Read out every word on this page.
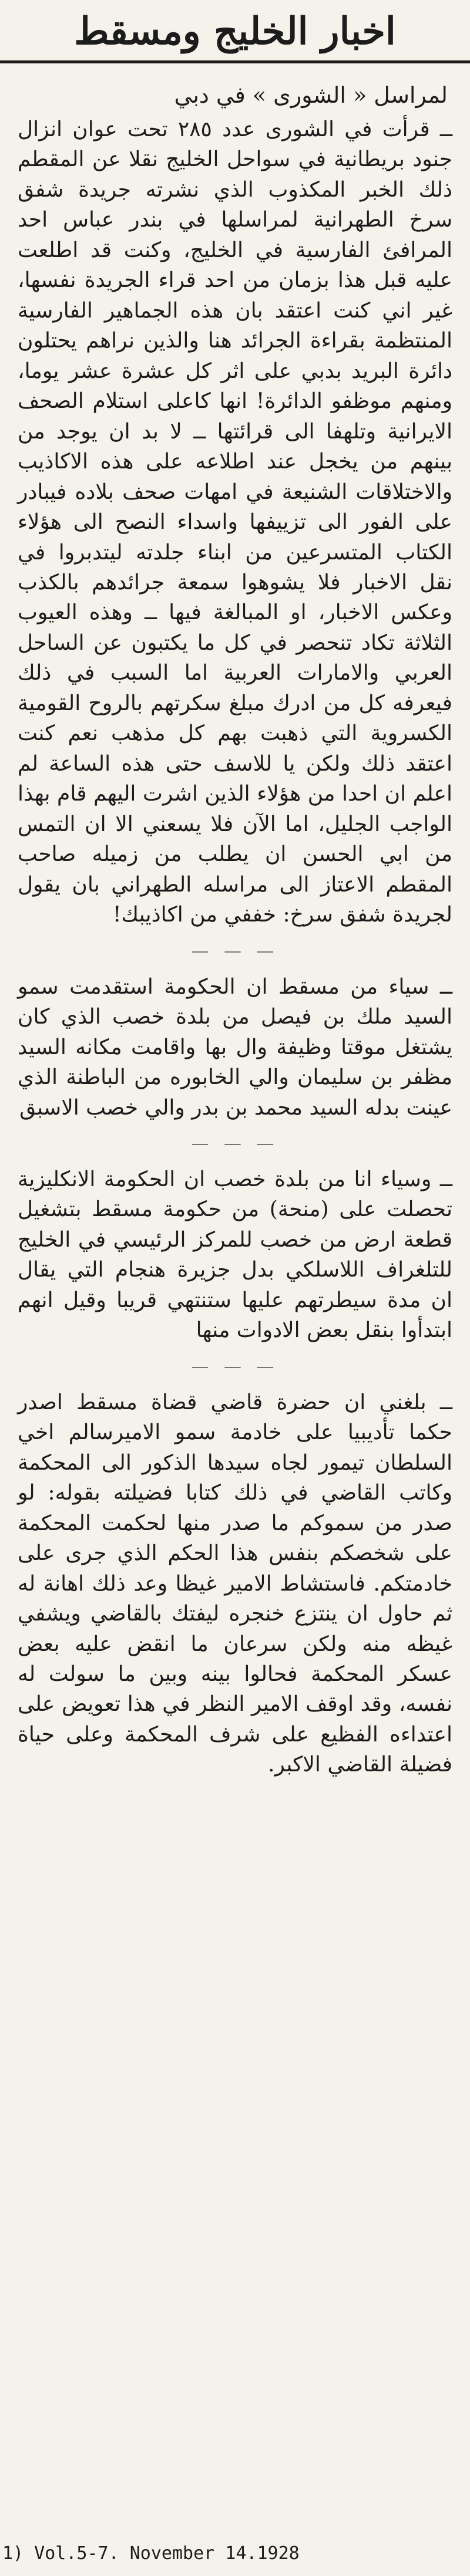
اخبار الخليج ومسقط
لمراسل « الشورى » في دبي

ــ قرأت في الشورى عدد ٢٨٥ تحت عوان انزال جنود بريطانية في سواحل الخليج نقلا عن المقطم ذلك الخبر المكذوب الذي نشرته جريدة شفق سرخ الطهرانية لمراسلها في بندر عباس احد المرافئ الفارسية في الخليج، وكنت قد اطلعت عليه قبل هذا بزمان من احد قراء الجريدة نفسها، غير اني كنت اعتقد بان هذه الجماهير الفارسية المنتظمة بقراءة الجرائد هنا والذين نراهم يحتلون دائرة البريد بدبي على اثر كل عشرة عشر يوما، ومنهم موظفو الدائرة! انها كاعلى استلام الصحف الايرانية وتلهفا الى قرائتها ــ لا بد ان يوجد من بينهم من يخجل عند اطلاعه على هذه الاكاذيب والاختلاقات الشنيعة في امهات صحف بلاده فيبادر على الفور الى تزييفها واسداء النصح الى هؤلاء الكتاب المتسرعين من ابناء جلدته ليتدبروا في نقل الاخبار فلا يشوهوا سمعة جرائدهم بالكذب وعكس الاخبار، او المبالغة فيها ــ وهذه العيوب الثلاثة تكاد تنحصر في كل ما يكتبون عن الساحل العربي والامارات العربية اما السبب في ذلك فيعرفه كل من ادرك مبلغ سكرتهم بالروح القومية الكسروية التي ذهبت بهم كل مذهب نعم كنت اعتقد ذلك ولكن يا للاسف حتى هذه الساعة لم اعلم ان احدا من هؤلاء الذين اشرت اليهم قام بهذا الواجب الجليل، اما الآن فلا يسعني الا ان التمس من ابي الحسن ان يطلب من زميله صاحب المقطم الاعتاز الى مراسله الطهراني بان يقول لجريدة شفق سرخ: خففي من اكاذيبك!

— — —

ــ سياء من مسقط ان الحكومة استقدمت سمو السيد ملك بن فيصل من بلدة خصب الذي كان يشتغل موقتا وظيفة وال بها واقامت مكانه السيد مظفر بن سليمان والي الخابوره من الباطنة الذي عينت بدله السيد محمد بن بدر والي خصب الاسبق

— — —

ــ وسياء انا من بلدة خصب ان الحكومة الانكليزية تحصلت على (منحة) من حكومة مسقط بتشغيل قطعة ارض من خصب للمركز الرئيسي في الخليج للتلغراف اللاسلكي بدل جزيرة هنجام التي يقال ان مدة سيطرتهم عليها ستنتهي قريبا وقيل انهم ابتدأوا بنقل بعض الادوات منها

— — —

ــ بلغني ان حضرة قاضي قضاة مسقط اصدر حكما تأديبيا على خادمة سمو الاميرسالم اخي السلطان تيمور لجاه سيدها الذكور الى المحكمة وكاتب القاضي في ذلك كتابا فضيلته بقوله: لو صدر من سموكم ما صدر منها لحكمت المحكمة على شخصكم بنفس هذا الحكم الذي جرى على خادمتكم. فاستشاط الامير غيظا وعد ذلك اهانة له ثم حاول ان ينتزع خنجره ليفتك بالقاضي ويشفي غيظه منه ولكن سرعان ما انقض عليه بعض عسكر المحكمة فحالوا بينه وبين ما سولت له نفسه، وقد اوقف الامير النظر في هذا تعويض على اعتداءه الفظيع على شرف المحكمة وعلى حياة فضيلة القاضي الاكبر.

1) Vol.5-7. November 14.1928
